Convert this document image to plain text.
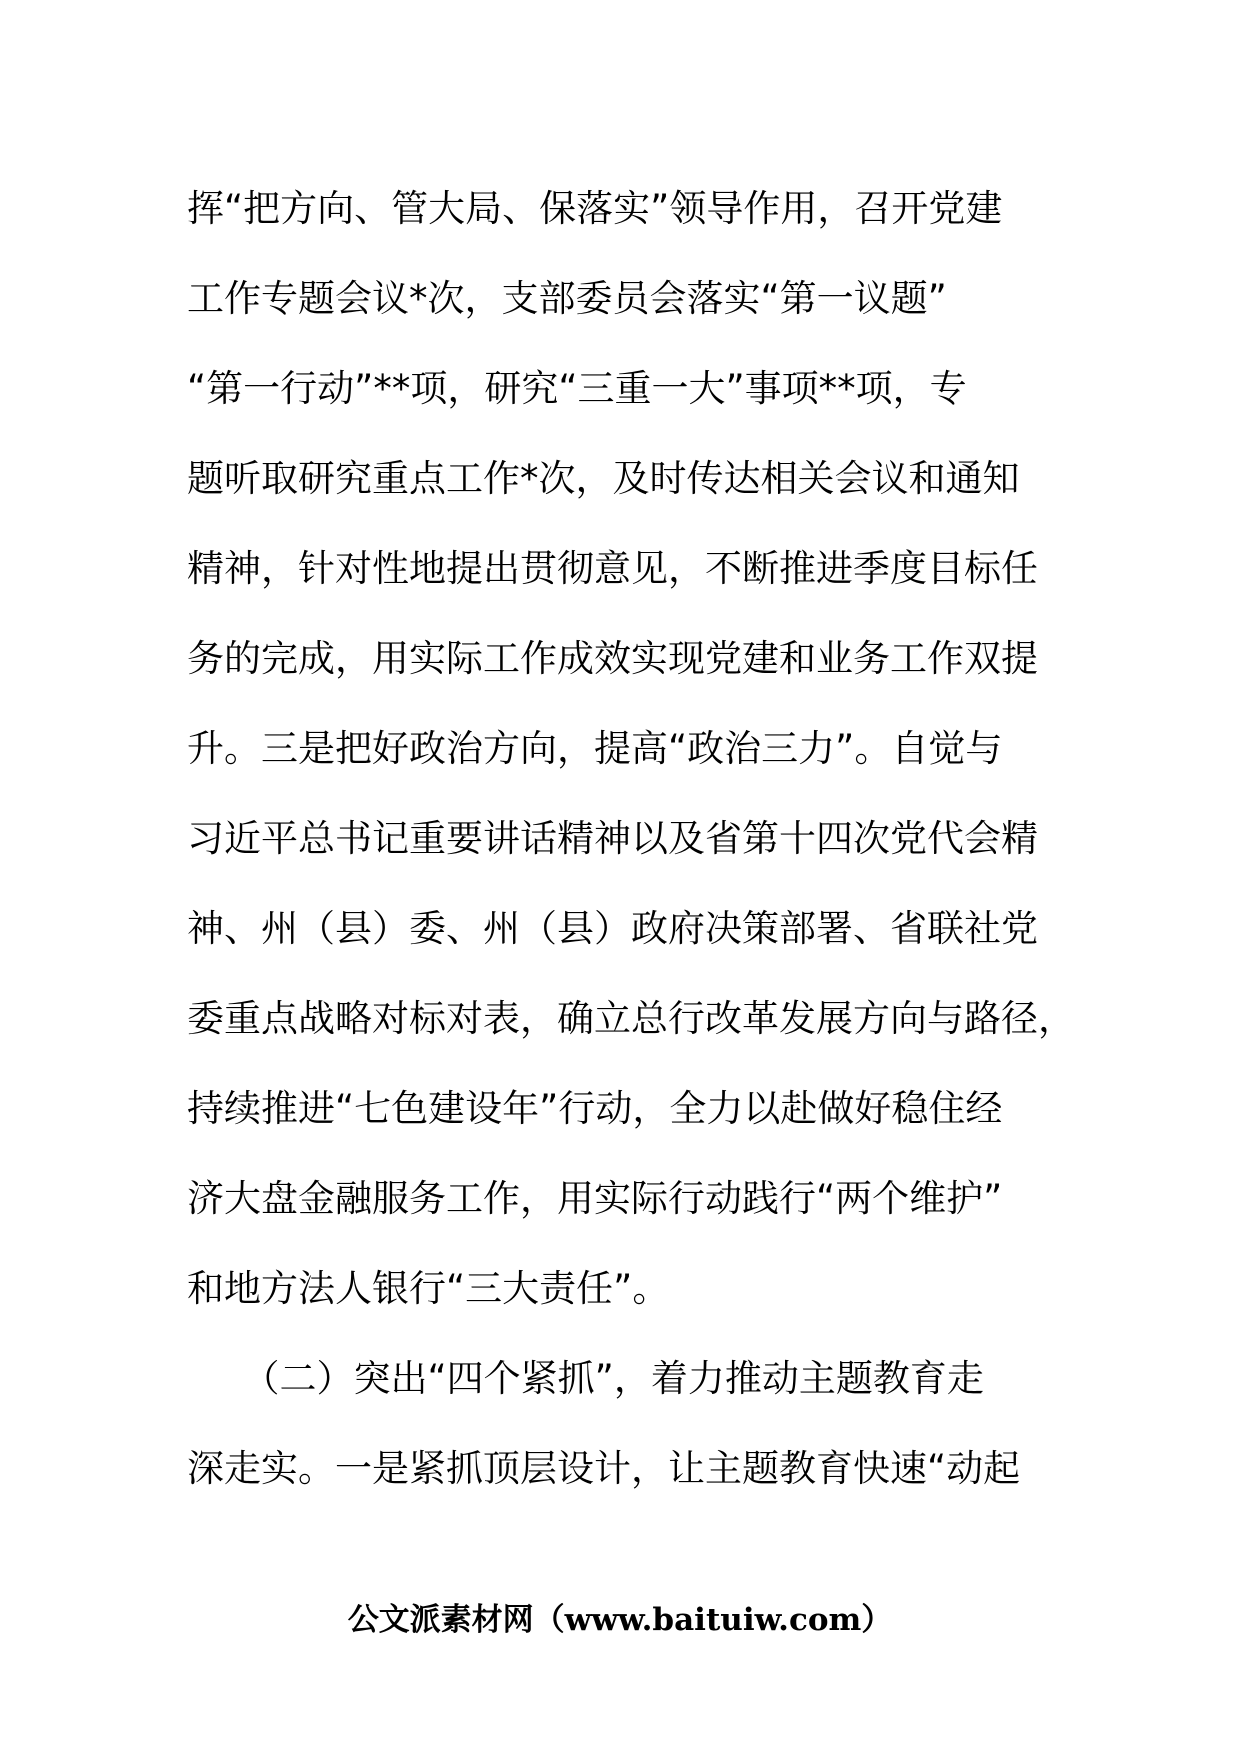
挥“把方向、管大局、保落实”领导作用，召开党建
工作专题会议*次，支部委员会落实“第一议题”
“第一行动”**项，研究“三重一大”事项**项，专
题听取研究重点工作*次，及时传达相关会议和通知
精神，针对性地提出贯彻意见，不断推进季度目标任
务的完成，用实际工作成效实现党建和业务工作双提
升。三是把好政治方向，提高“政治三力”。自觉与
习近平总书记重要讲话精神以及省第十四次党代会精
神、州（县）委、州（县）政府决策部署、省联社党
委重点战略对标对表，确立总行改革发展方向与路径，
持续推进“七色建设年”行动，全力以赴做好稳住经
济大盘金融服务工作，用实际行动践行“两个维护”
和地方法人银行“三大责任”。
　　（二）突出“四个紧抓”，着力推动主题教育走
深走实。一是紧抓顶层设计，让主题教育快速“动起
公文派素材网（www.baituiw.com）
